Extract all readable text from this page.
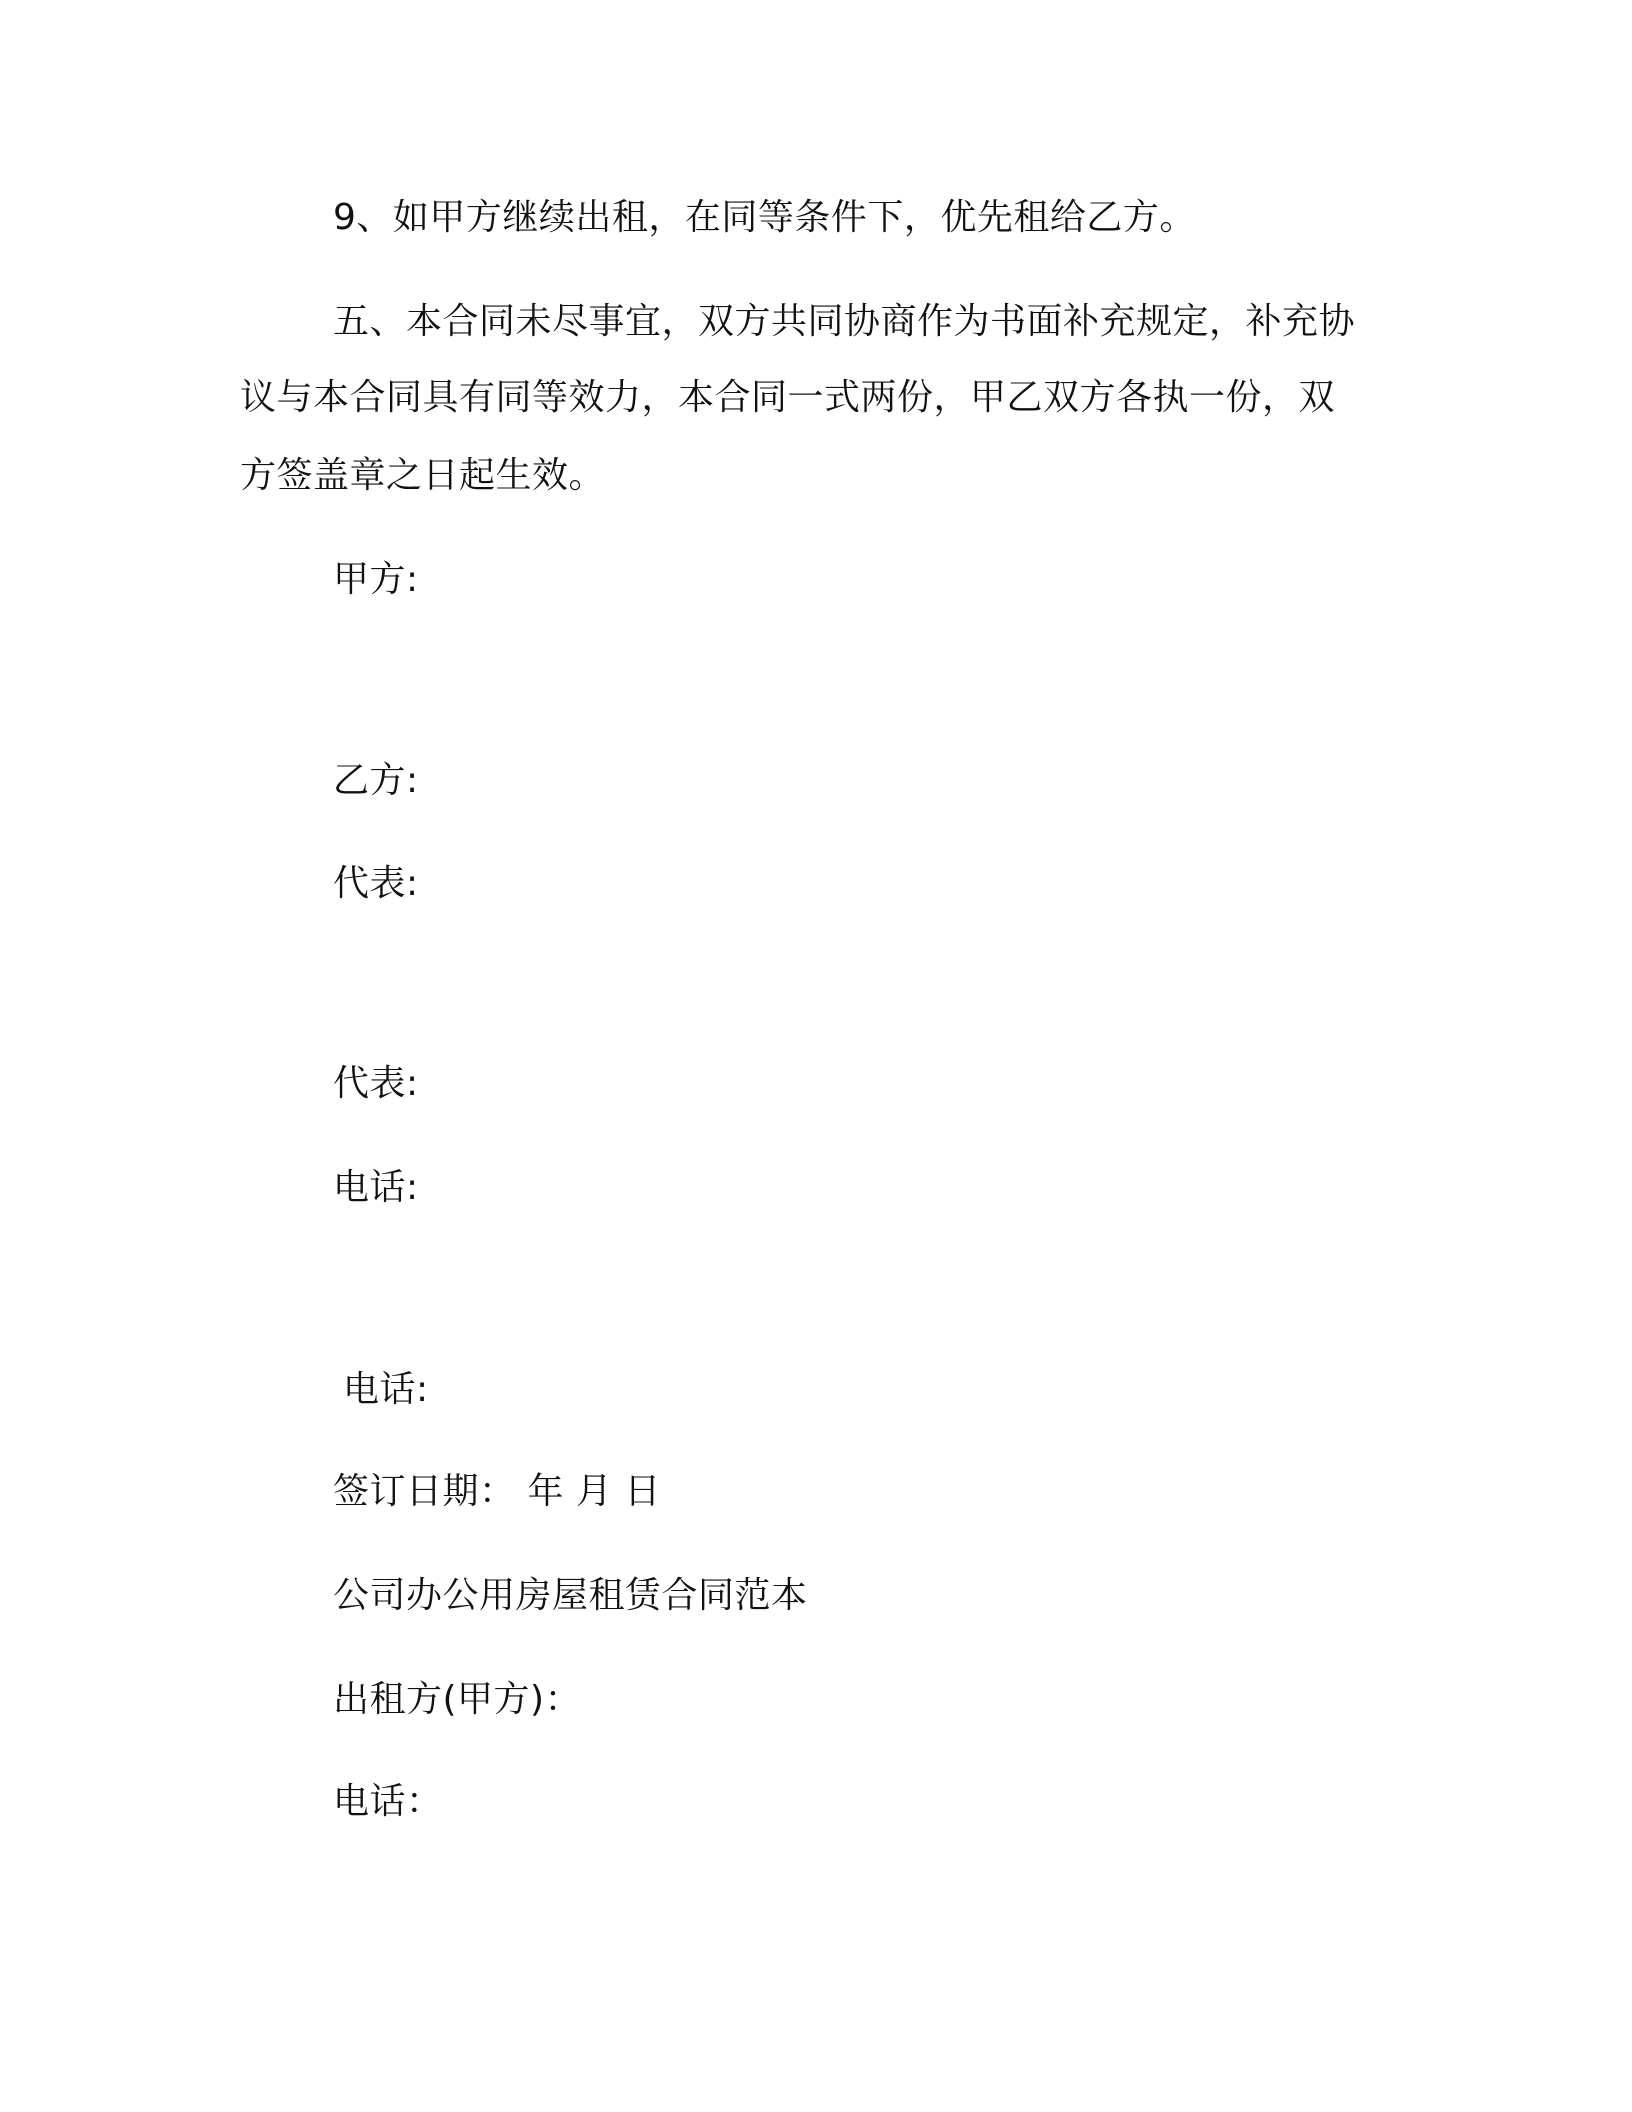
9、如甲方继续出租，在同等条件下，优先租给乙方。
五、本合同未尽事宜，双方共同协商作为书面补充规定，补充协
议与本合同具有同等效力，本合同一式两份，甲乙双方各执一份，双
方签盖章之日起生效。
甲方:
乙方:
代表:
代表:
电话:
电话:
签订日期： 年 月 日
公司办公用房屋租赁合同范本
出租方(甲方)：
电话：
